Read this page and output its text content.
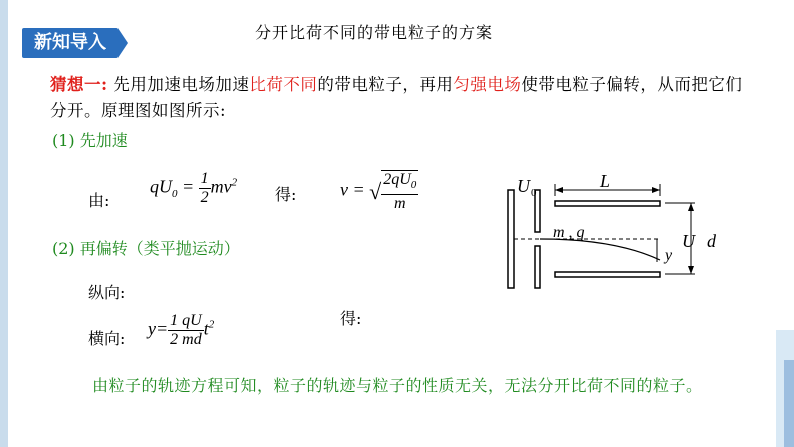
新知导入	分开比荷不同的带电粒子的方案
猜想一: 先用加速电场加速比荷不同的带电粒子，再用匀强电场使带电粒子偏转，从而把它们分开。原理图如图所示:
(1) 先加速
由:
$qU_0 = \frac{1}{2} mv^2$
得: v = √ $\frac{2qU_0}{m}$
(2) 再偏转（类平抛运动）
纵向:
横向: $y= \frac{1}{2} \frac{qU}{md} t^2$	得:
由粒子的轨迹方程可知，粒子的轨迹与粒子的性质无关，无法分开比荷不同的粒子。
U 0
L
m , q	U d
y
